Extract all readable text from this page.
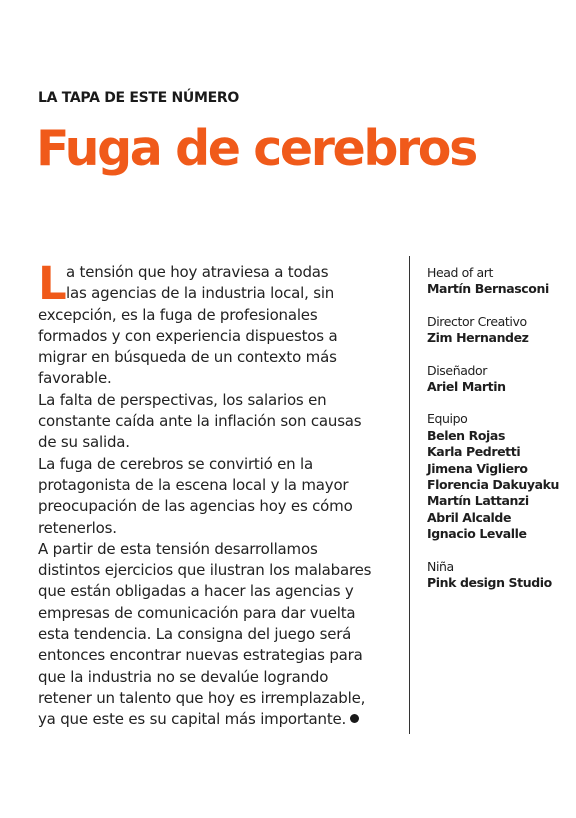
LA TAPA DE ESTE NÚMERO
Fuga de cerebros
L a tensión que hoy atraviesa a todas
las agencias de la industria local, sin
excepción, es la fuga de profesionales
formados y con experiencia dispuestos a
migrar en búsqueda de un contexto más
favorable.
La falta de perspectivas, los salarios en
constante caída ante la inflación son causas
de su salida.
La fuga de cerebros se convirtió en la
protagonista de la escena local y la mayor
preocupación de las agencias hoy es cómo
retenerlos.
A partir de esta tensión desarrollamos
distintos ejercicios que ilustran los malabares
que están obligadas a hacer las agencias y
empresas de comunicación para dar vuelta
esta tendencia. La consigna del juego será
entonces encontrar nuevas estrategias para
que la industria no se devalúe logrando
retener un talento que hoy es irremplazable,
ya que este es su capital más importante.
Head of art
Martín Bernasconi
Director Creativo
Zim Hernandez
Diseñador
Ariel Martin
Equipo
Belen Rojas
Karla Pedretti
Jimena Vigliero
Florencia Dakuyaku
Martín Lattanzi
Abril Alcalde
Ignacio Levalle
Niña
Pink design Studio
